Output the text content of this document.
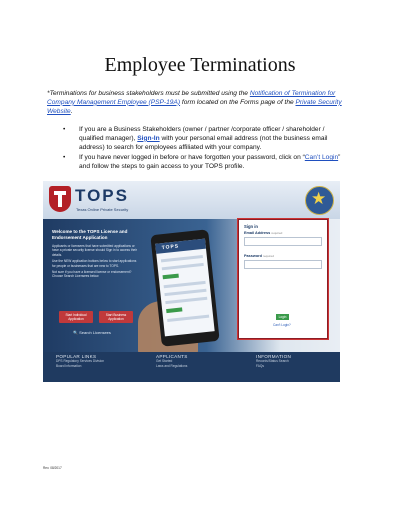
Employee Terminations
*Terminations for business stakeholders must be submitted using the Notification of Termination for Company Management Employee (PSP-19A) form located on the Forms page of the Private Security Website.
• If you are a Business Stakeholders (owner / partner /corporate officer / shareholder / qualified manager), Sign-In with your personal email address (not the business email address) to search for employees affiliated with your company.
• If you have never logged in before or have forgotten your password, click on “Can’t Login” and follow the steps to gain access to your TOPS profile.
TOPS
Texas Online Private Security
★
Welcome to the TOPS License and Endorsement Application

Applicants or licensees that have submitted applications or have a private security license should Sign in to access their details.

Use the NEW application buttons below to start applications for people or businesses that are new to TOPS.

Not sure if you have a licensed license or endorsement? Choose Search Licensees below.

Start Individual Application
Start Business Application
🔍 Search Licensees
TOPS
Sign in
Email Address required
Password required
Login
Can't Login?
POPULAR LINKS
DPS Regulatory Services Division
Board Information
APPLICANTS
Get Started
Laws and Regulations
INFORMATION
Records/Status Search
FAQs
Rev. 08/2017
